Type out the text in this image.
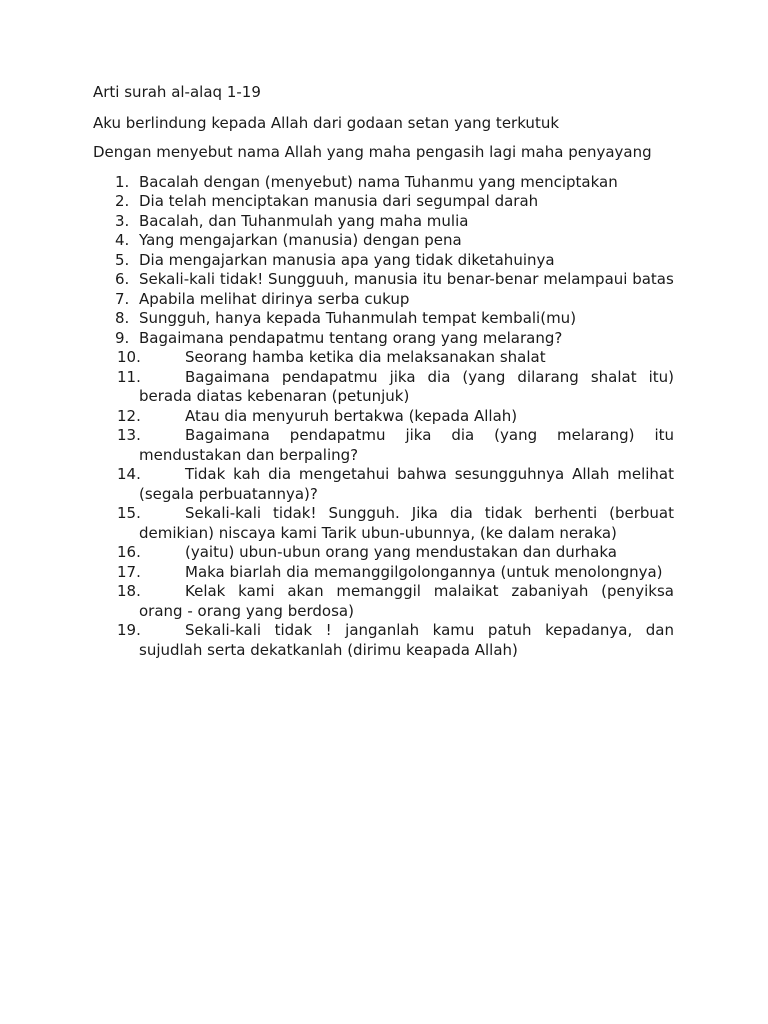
Arti surah al-alaq 1-19

Aku berlindung kepada Allah dari godaan setan yang terkutuk

Dengan menyebut nama Allah yang maha pengasih lagi maha penyayang

1. Bacalah dengan (menyebut) nama Tuhanmu yang menciptakan
2. Dia telah menciptakan manusia dari segumpal darah
3. Bacalah, dan Tuhanmulah yang maha mulia
4. Yang mengajarkan (manusia) dengan pena
5. Dia mengajarkan manusia apa yang tidak diketahuinya
6. Sekali-kali tidak! Sungguuh, manusia itu benar-benar melampaui batas
7. Apabila melihat dirinya serba cukup
8. Sungguh, hanya kepada Tuhanmulah tempat kembali(mu)
9. Bagaimana pendapatmu tentang orang yang melarang?
10.	Seorang hamba ketika dia melaksanakan shalat
11.	Bagaimana pendapatmu jika dia (yang dilarang shalat itu) berada diatas kebenaran (petunjuk)
12.	Atau dia menyuruh bertakwa (kepada Allah)
13.	Bagaimana pendapatmu jika dia (yang melarang) itu mendustakan dan berpaling?
14.	Tidak kah dia mengetahui bahwa sesungguhnya Allah melihat (segala perbuatannya)?
15.	Sekali-kali tidak! Sungguh. Jika dia tidak berhenti (berbuat demikian) niscaya kami Tarik ubun-ubunnya, (ke dalam neraka)
16.	(yaitu) ubun-ubun orang yang mendustakan dan durhaka
17.	Maka biarlah dia memanggilgolongannya (untuk menolongnya)
18.	Kelak kami akan memanggil malaikat zabaniyah (penyiksa orang - orang yang berdosa)
19.	Sekali-kali tidak ! janganlah kamu patuh kepadanya, dan sujudlah serta dekatkanlah (dirimu keapada Allah)
